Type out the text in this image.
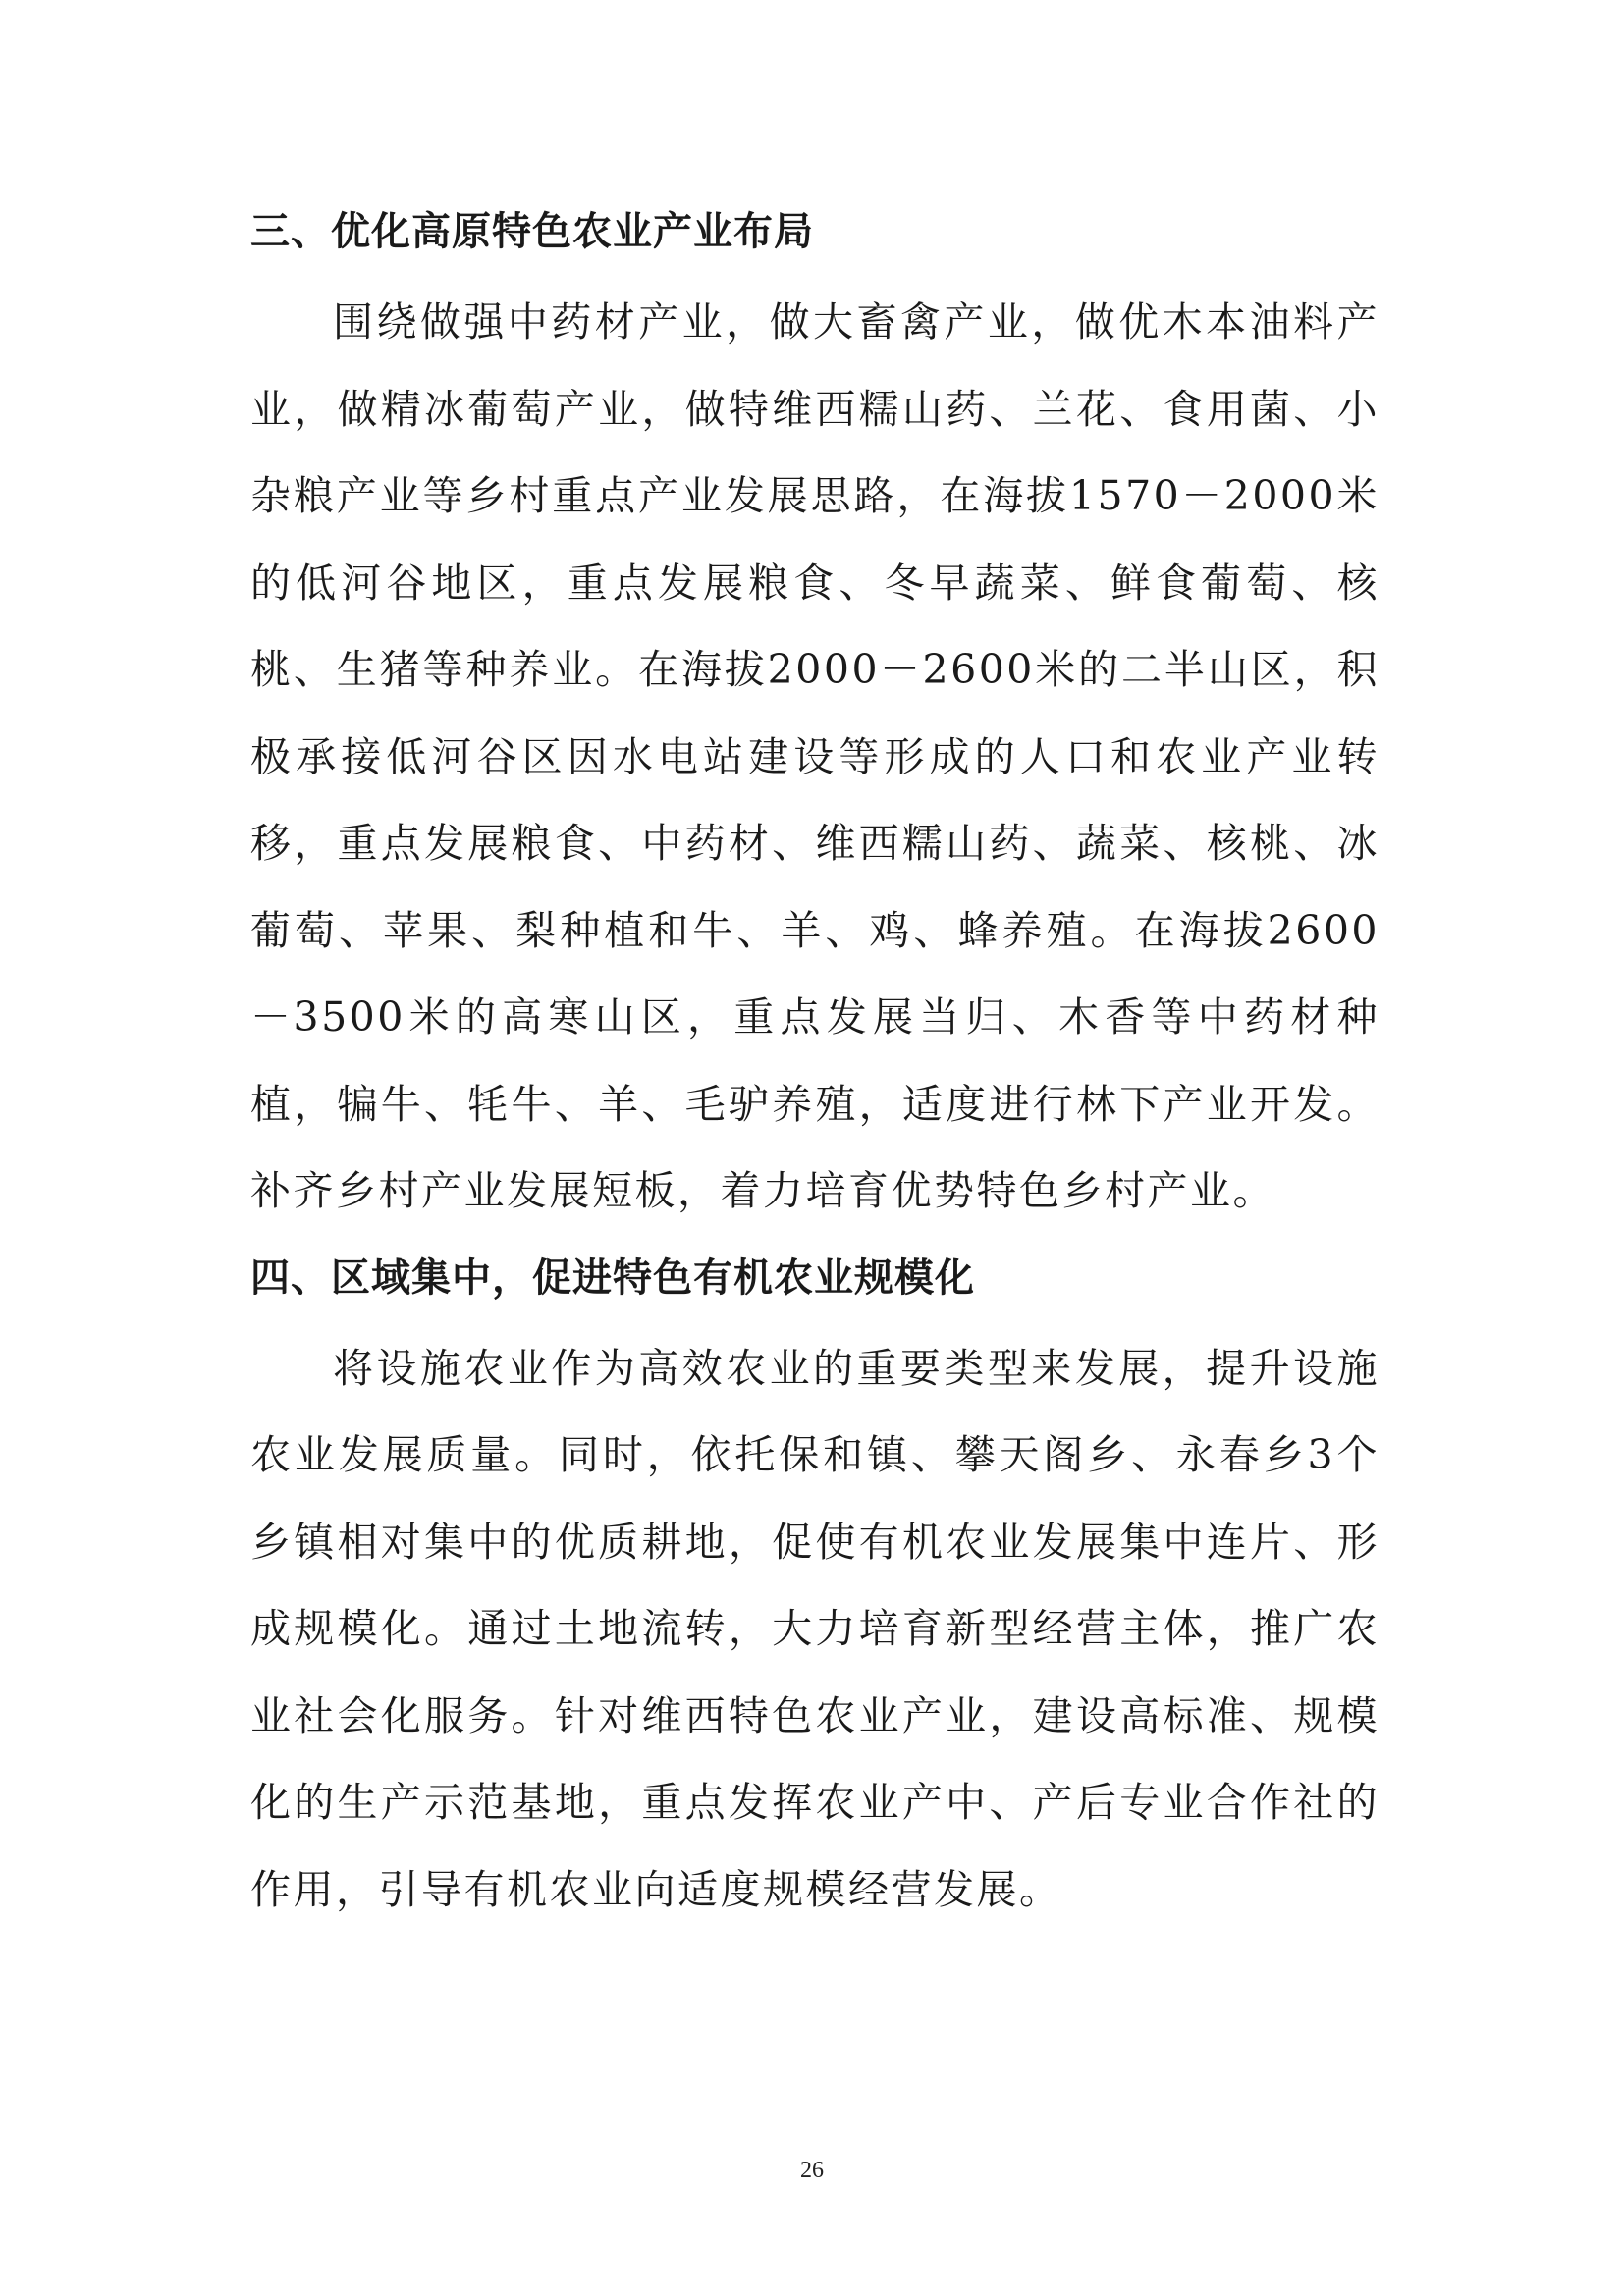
三、优化高原特色农业产业布局

围绕做强中药材产业，做大畜禽产业，做优木本油料产业，做精冰葡萄产业，做特维西糯山药、兰花、食用菌、小杂粮产业等乡村重点产业发展思路，在海拔1570－2000米的低河谷地区，重点发展粮食、冬早蔬菜、鲜食葡萄、核桃、生猪等种养业。在海拔2000－2600米的二半山区，积极承接低河谷区因水电站建设等形成的人口和农业产业转移，重点发展粮食、中药材、维西糯山药、蔬菜、核桃、冰葡萄、苹果、梨种植和牛、羊、鸡、蜂养殖。在海拔2600－3500米的高寒山区，重点发展当归、木香等中药材种植，犏牛、牦牛、羊、毛驴养殖，适度进行林下产业开发。补齐乡村产业发展短板，着力培育优势特色乡村产业。

四、区域集中，促进特色有机农业规模化

将设施农业作为高效农业的重要类型来发展，提升设施农业发展质量。同时，依托保和镇、攀天阁乡、永春乡3个乡镇相对集中的优质耕地，促使有机农业发展集中连片、形成规模化。通过土地流转，大力培育新型经营主体，推广农业社会化服务。针对维西特色农业产业，建设高标准、规模化的生产示范基地，重点发挥农业产中、产后专业合作社的作用，引导有机农业向适度规模经营发展。

26
